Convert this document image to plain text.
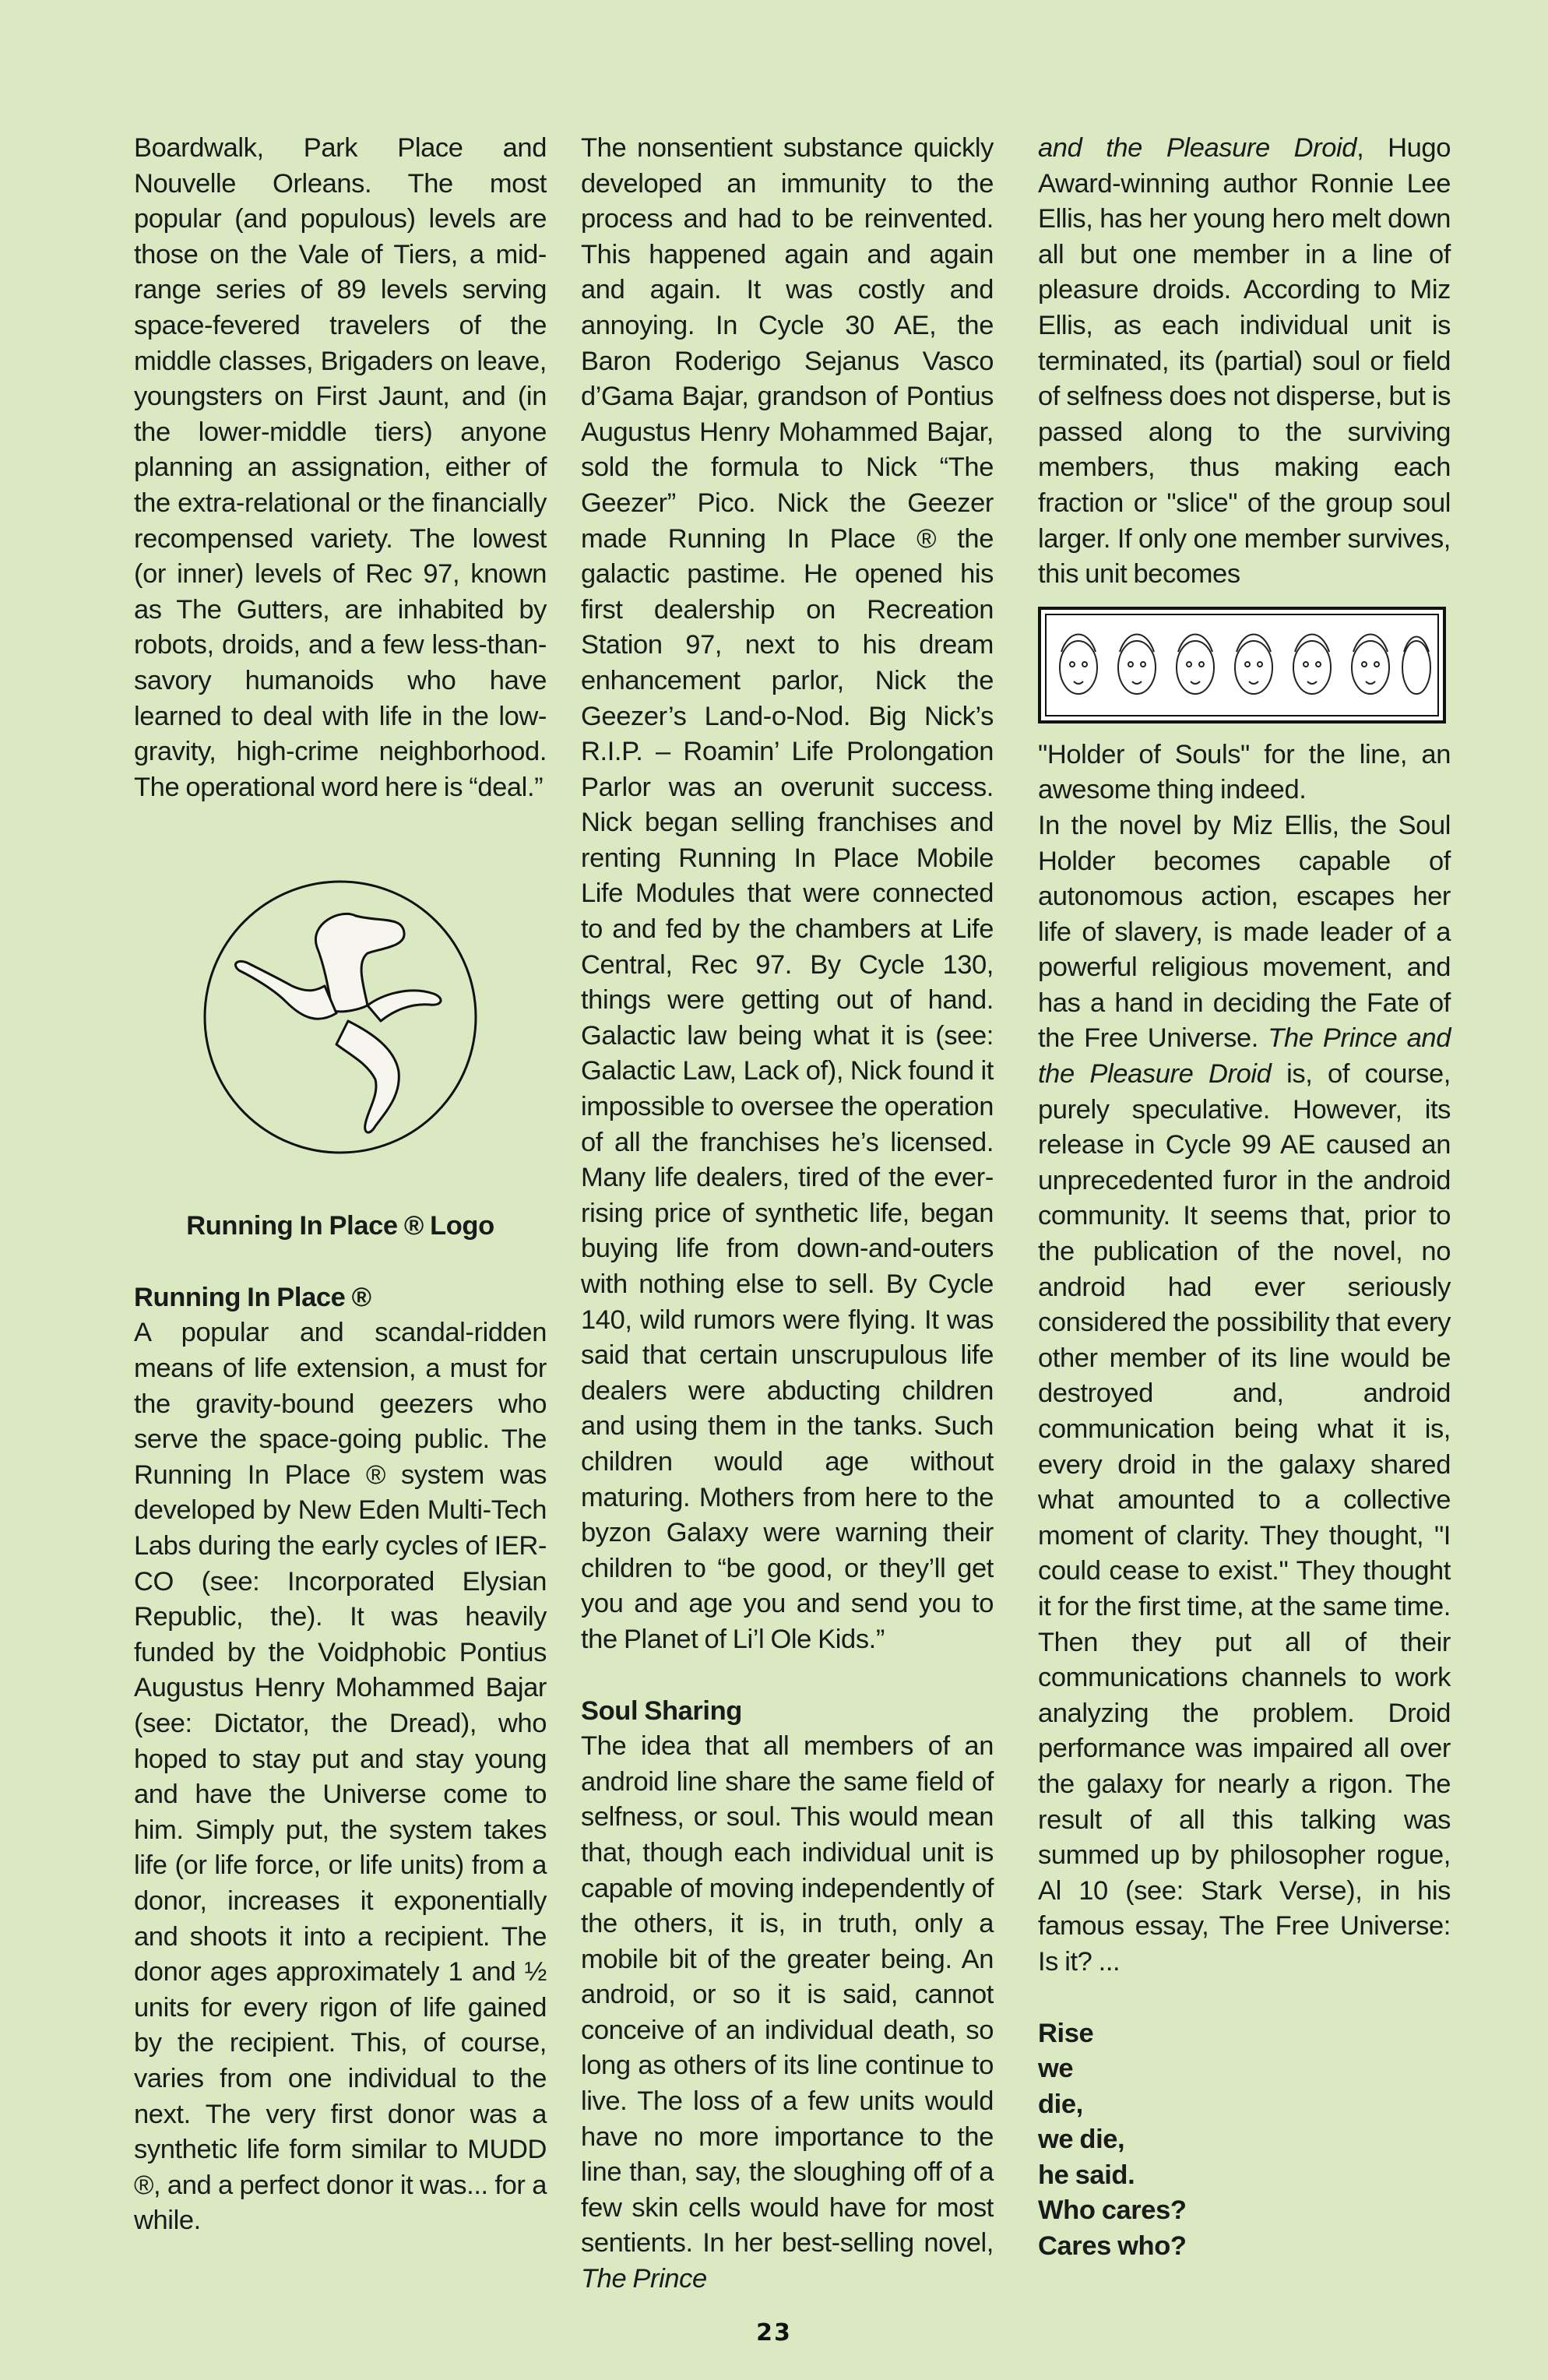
Boardwalk, Park Place and Nouvelle Orleans. The most popular (and populous) levels are those on the Vale of Tiers, a mid-range series of 89 levels serving space-fevered travelers of the middle classes, Brigaders on leave, youngsters on First Jaunt, and (in the lower-middle tiers) anyone planning an assignation, either of the extra-relational or the financially recompensed variety. The lowest (or inner) levels of Rec 97, known as The Gutters, are inhabited by robots, droids, and a few less-than-savory humanoids who have learned to deal with life in the low-gravity, high-crime neighborhood. The operational word here is “deal.”

Running In Place ® Logo

Running In Place ®

A popular and scandal-ridden means of life extension, a must for the gravity-bound geezers who serve the space-going public. The Running In Place ® system was developed by New Eden Multi-Tech Labs during the early cycles of IER-CO (see: Incorporated Elysian Republic, the). It was heavily funded by the Voidphobic Pontius Augustus Henry Mohammed Bajar (see: Dictator, the Dread), who hoped to stay put and stay young and have the Universe come to him. Simply put, the system takes life (or life force, or life units) from a donor, increases it exponentially and shoots it into a recipient. The donor ages approximately 1 and ½ units for every rigon of life gained by the recipient. This, of course, varies from one individual to the next. The very first donor was a synthetic life form similar to MUDD ®, and a perfect donor it was... for a while.

The nonsentient substance quickly developed an immunity to the process and had to be reinvented. This happened again and again and again. It was costly and annoying. In Cycle 30 AE, the Baron Roderigo Sejanus Vasco d’Gama Bajar, grandson of Pontius Augustus Henry Mohammed Bajar, sold the formula to Nick “The Geezer” Pico. Nick the Geezer made Running In Place ® the galactic pastime. He opened his first dealership on Recreation Station 97, next to his dream enhancement parlor, Nick the Geezer’s Land-o-Nod. Big Nick’s R.I.P. – Roamin’ Life Prolongation Parlor was an overunit success. Nick began selling franchises and renting Running In Place Mobile Life Modules that were connected to and fed by the chambers at Life Central, Rec 97. By Cycle 130, things were getting out of hand. Galactic law being what it is (see: Galactic Law, Lack of), Nick found it impossible to oversee the operation of all the franchises he’s licensed. Many life dealers, tired of the ever-rising price of synthetic life, began buying life from down-and-outers with nothing else to sell. By Cycle 140, wild rumors were flying. It was said that certain unscrupulous life dealers were abducting children and using them in the tanks. Such children would age without maturing. Mothers from here to the byzon Galaxy were warning their children to “be good, or they’ll get you and age you and send you to the Planet of Li’l Ole Kids.”

Soul Sharing

The idea that all members of an android line share the same field of selfness, or soul. This would mean that, though each individual unit is capable of moving independently of the others, it is, in truth, only a mobile bit of the greater being. An android, or so it is said, cannot conceive of an individual death, so long as others of its line continue to live. The loss of a few units would have no more importance to the line than, say, the sloughing off of a few skin cells would have for most sentients. In her best-selling novel, The Prince

and the Pleasure Droid, Hugo Award-winning author Ronnie Lee Ellis, has her young hero melt down all but one member in a line of pleasure droids. According to Miz Ellis, as each individual unit is terminated, its (partial) soul or field of selfness does not disperse, but is passed along to the surviving members, thus making each fraction or "slice" of the group soul larger. If only one member survives, this unit becomes

"Holder of Souls" for the line, an awesome thing indeed.

In the novel by Miz Ellis, the Soul Holder becomes capable of autonomous action, escapes her life of slavery, is made leader of a powerful religious movement, and has a hand in deciding the Fate of the Free Universe. The Prince and the Pleasure Droid is, of course, purely speculative. However, its release in Cycle 99 AE caused an unprecedented furor in the android community. It seems that, prior to the publication of the novel, no android had ever seriously considered the possibility that every other member of its line would be destroyed and, android communication being what it is, every droid in the galaxy shared what amounted to a collective moment of clarity. They thought, "I could cease to exist." They thought it for the first time, at the same time. Then they put all of their communications channels to work analyzing the problem. Droid performance was impaired all over the galaxy for nearly a rigon. The result of all this talking was summed up by philosopher rogue, Al 10 (see: Stark Verse), in his famous essay, The Free Universe: Is it? ...

Rise

we

die,

we die,

he said.

Who cares?

Cares who?

23
